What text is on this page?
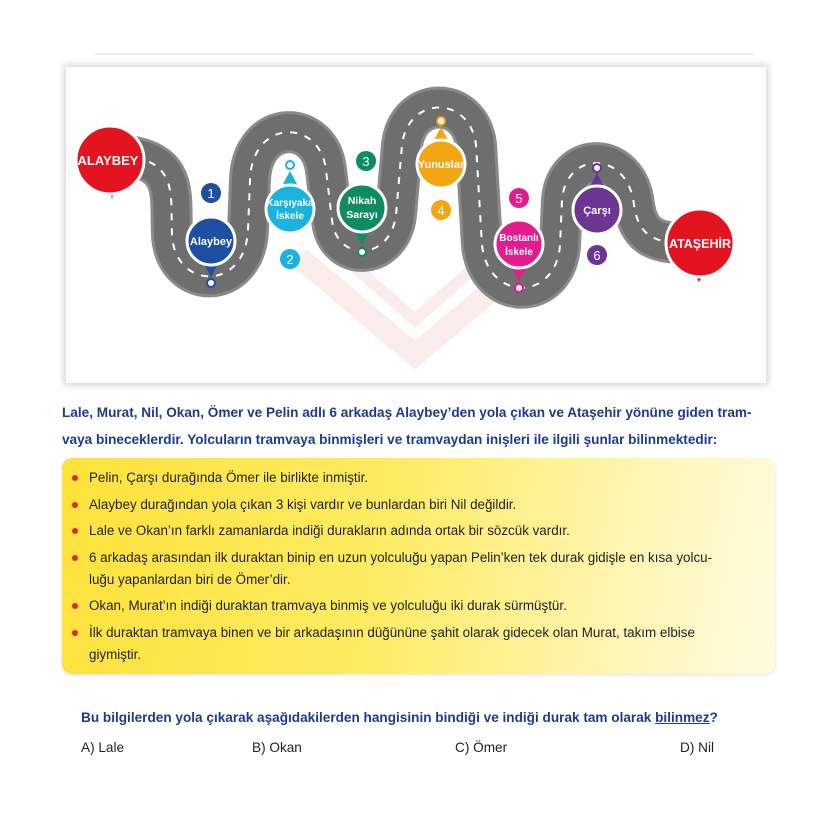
ALAYBEY
Alaybey
1
Karşıyaka
İskele
2
Nikah
Sarayı
3	Yunuslar
4
Bostanlı
İskele
5
Çarşı
6
ATAŞEHİR
Lale, Murat, Nil, Okan, Ömer ve Pelin adlı 6 arkadaş Alaybey’den yola çıkan ve Ataşehir yönüne giden tram-
vaya bineceklerdir. Yolcuların tramvaya binmişleri ve tramvaydan inişleri ile ilgili şunlar bilinmektedir:
Pelin, Çarşı durağında Ömer ile birlikte inmiştir.
Alaybey durağından yola çıkan 3 kişi vardır ve bunlardan biri Nil değildir.
Lale ve Okan’ın farklı zamanlarda indiği durakların adında ortak bir sözcük vardır.
6 arkadaş arasından ilk duraktan binip en uzun yolculuğu yapan Pelin’ken tek durak gidişle en kısa yolcu-
luğu yapanlardan biri de Ömer’dir.
Okan, Murat’ın indiği duraktan tramvaya binmiş ve yolculuğu iki durak sürmüştür.
İlk duraktan tramvaya binen ve bir arkadaşının düğününe şahit olarak gidecek olan Murat, takım elbise
giymiştir.
Bu bilgilerden yola çıkarak aşağıdakilerden hangisinin bindiği ve indiği durak tam olarak bilinmez?
A) Lale	B) Okan	C) Ömer	D) Nil
